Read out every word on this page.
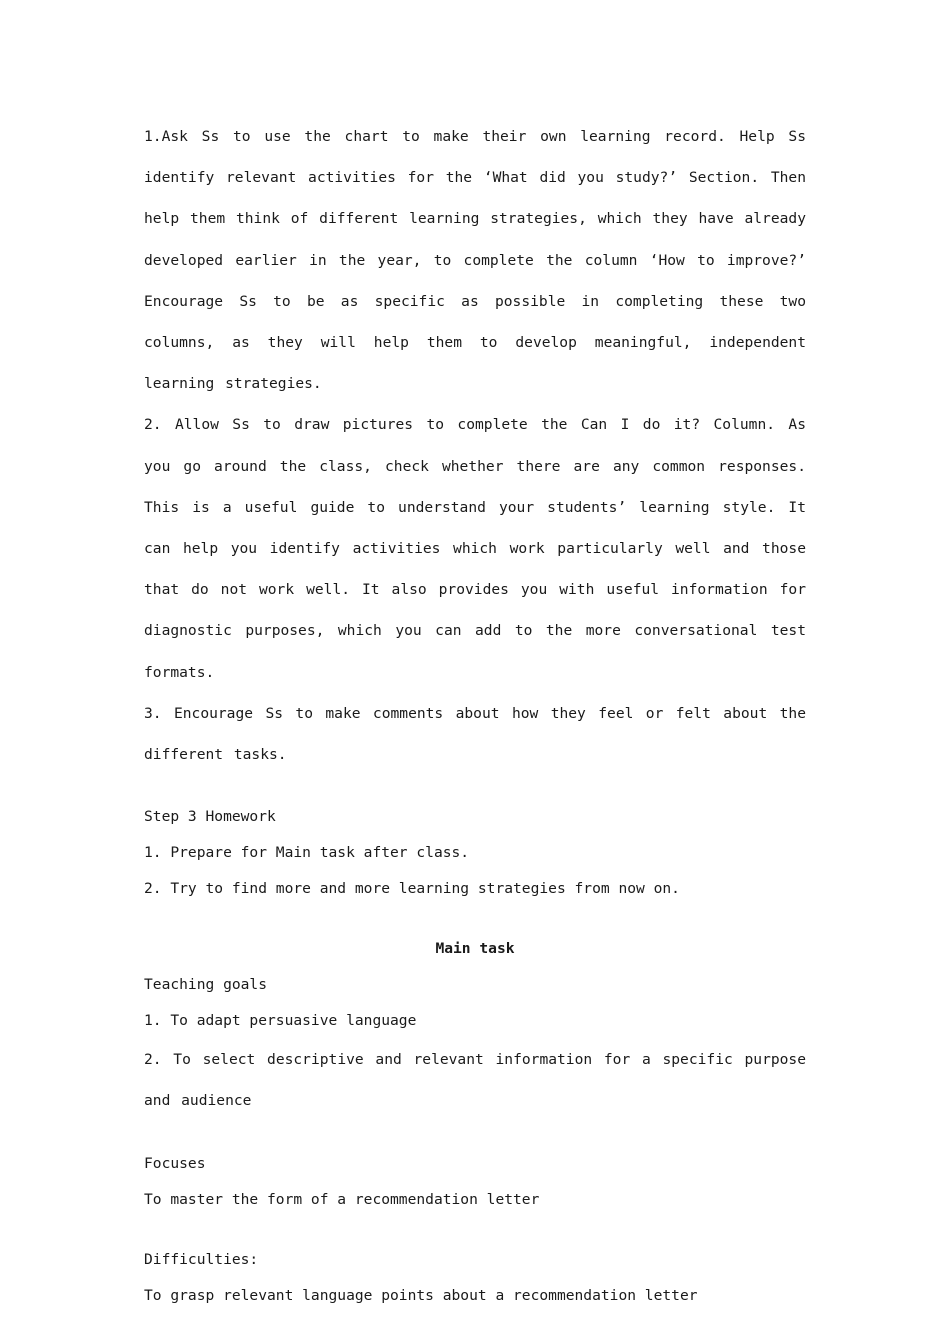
1.Ask Ss to use the chart to make their own learning record. Help Ss identify relevant activities for the ‘What did you study?’ Section. Then help them think of different learning strategies, which they have already developed earlier in the year, to complete the column ‘How to improve?’ Encourage Ss to be as specific as possible in completing these two columns, as they will help them to develop meaningful, independent learning strategies.

2. Allow Ss to draw pictures to complete the Can I do it? Column. As you go around the class, check whether there are any common responses. This is a useful guide to understand your students’ learning style. It can help you identify activities which work particularly well and those that do not work well. It also provides you with useful information for diagnostic purposes, which you can add to the more conversational test formats.

3. Encourage Ss to make comments about how they feel or felt about the different tasks.

Step 3 Homework

1. Prepare for Main task after class.

2. Try to find more and more learning strategies from now on.

Main task

Teaching goals

1. To adapt persuasive language

2. To select descriptive and relevant information for a specific purpose and audience

Focuses

To master the form of a recommendation letter

Difficulties:

To grasp relevant language points about a recommendation letter
